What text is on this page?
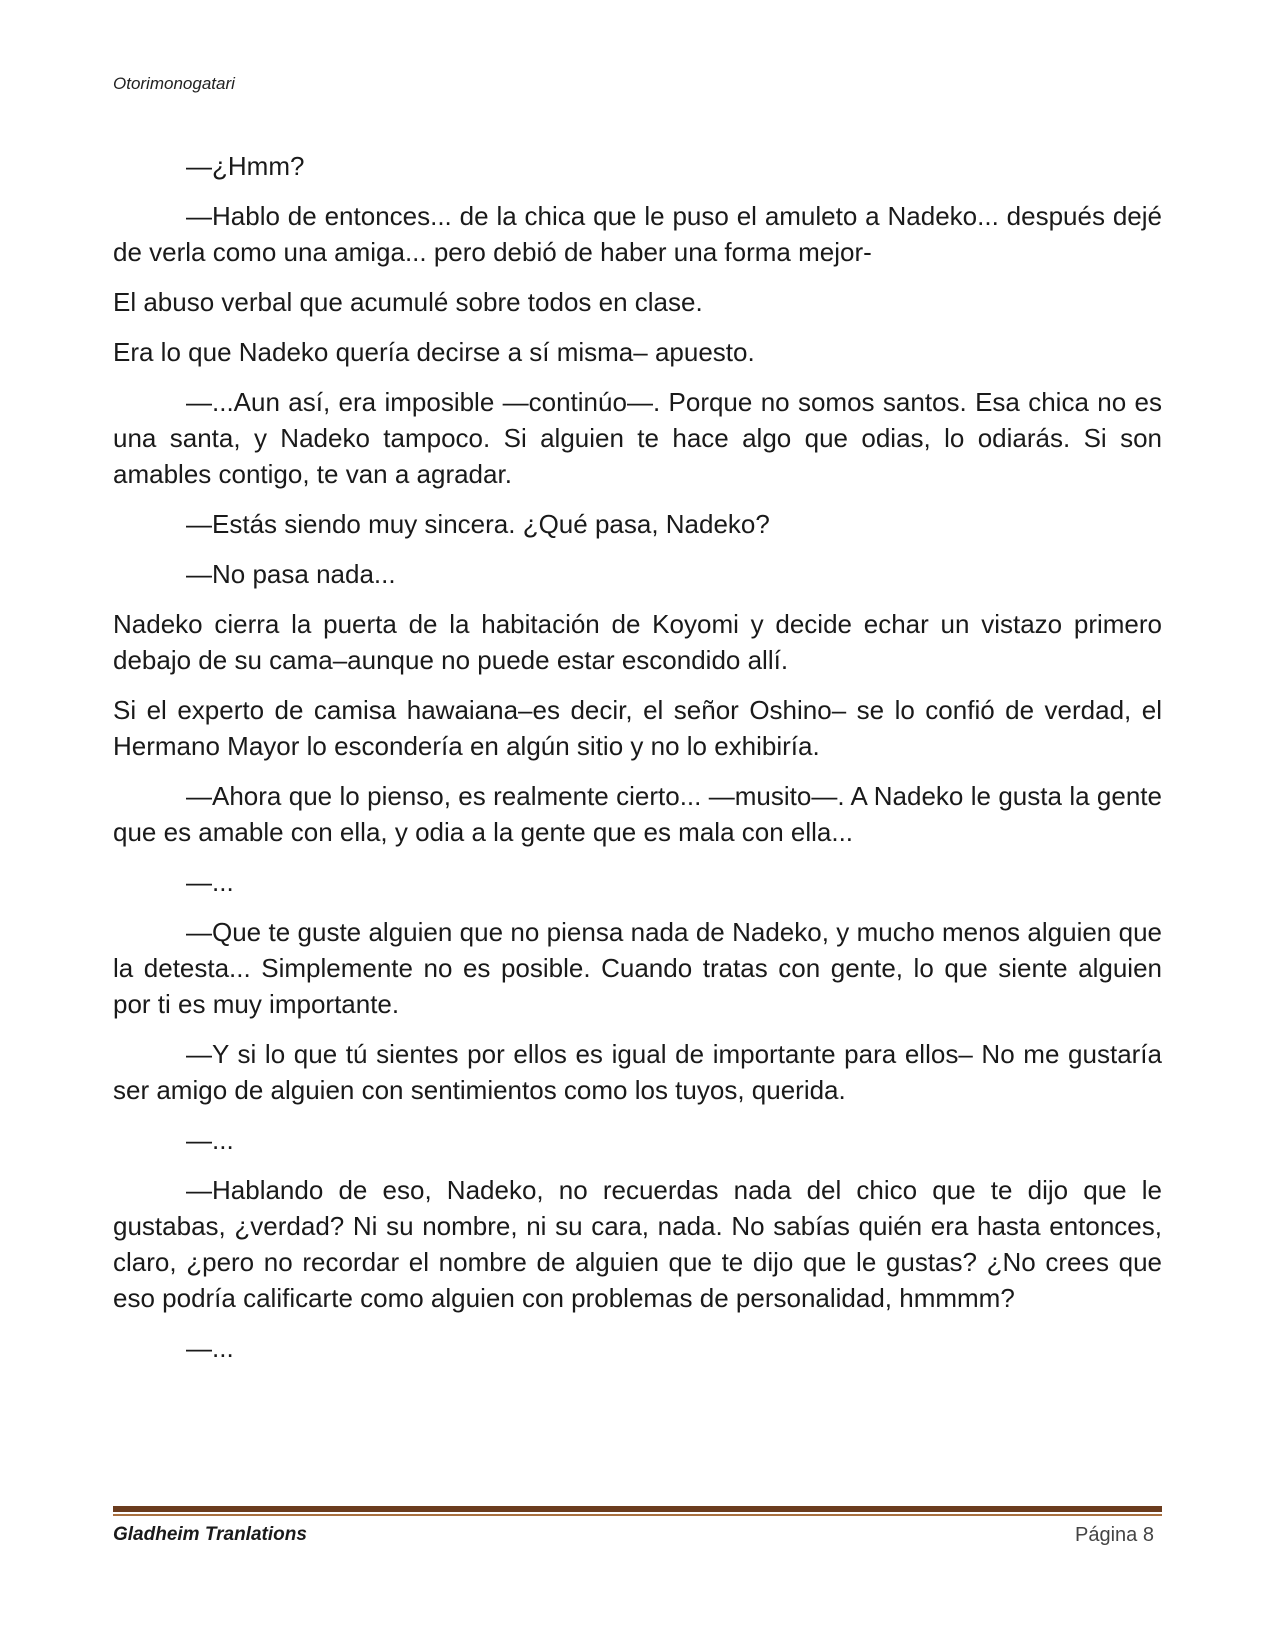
Otorimonogatari

—¿Hmm?

—Hablo de entonces... de la chica que le puso el amuleto a Nadeko... después dejé de verla como una amiga... pero debió de haber una forma mejor-

El abuso verbal que acumulé sobre todos en clase.

Era lo que Nadeko quería decirse a sí misma– apuesto.

—...Aun así, era imposible —continúo—. Porque no somos santos. Esa chica no es una santa, y Nadeko tampoco. Si alguien te hace algo que odias, lo odiarás. Si son amables contigo, te van a agradar.

—Estás siendo muy sincera. ¿Qué pasa, Nadeko?

—No pasa nada...

Nadeko cierra la puerta de la habitación de Koyomi y decide echar un vistazo primero debajo de su cama–aunque no puede estar escondido allí.

Si el experto de camisa hawaiana–es decir, el señor Oshino– se lo confió de verdad, el Hermano Mayor lo escondería en algún sitio y no lo exhibiría.

—Ahora que lo pienso, es realmente cierto... —musito—. A Nadeko le gusta la gente que es amable con ella, y odia a la gente que es mala con ella...

—...

—Que te guste alguien que no piensa nada de Nadeko, y mucho menos alguien que la detesta... Simplemente no es posible. Cuando tratas con gente, lo que siente alguien por ti es muy importante.

—Y si lo que tú sientes por ellos es igual de importante para ellos– No me gustaría ser amigo de alguien con sentimientos como los tuyos, querida.

—...

—Hablando de eso, Nadeko, no recuerdas nada del chico que te dijo que le gustabas, ¿verdad? Ni su nombre, ni su cara, nada. No sabías quién era hasta entonces, claro, ¿pero no recordar el nombre de alguien que te dijo que le gustas? ¿No crees que eso podría calificarte como alguien con problemas de personalidad, hmmmm?

—...

Gladheim Tranlations	Página 8
